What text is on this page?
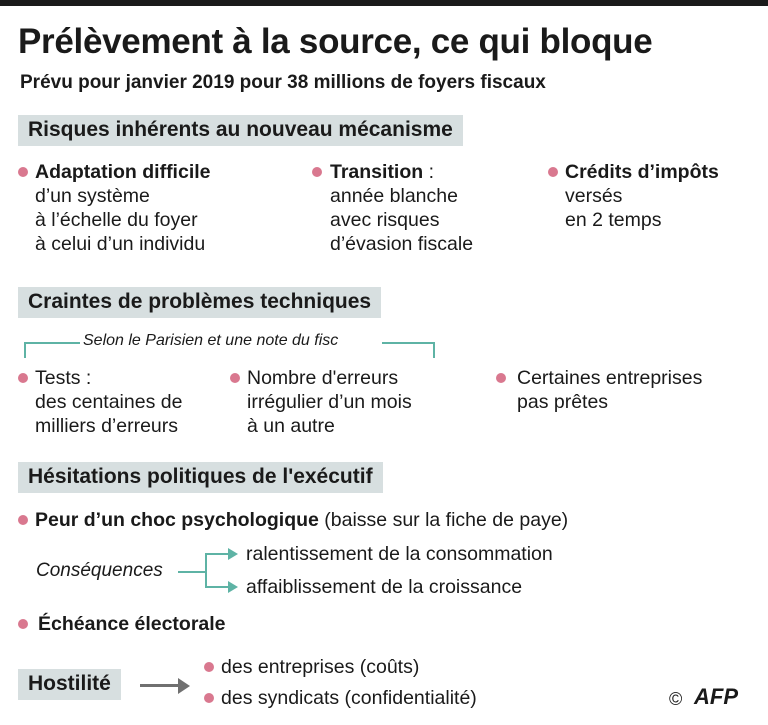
Prélèvement à la source, ce qui bloque
Prévu pour janvier 2019 pour 38 millions de foyers fiscaux
Risques inhérents au nouveau mécanisme
Adaptation difficile
d’un système
à l’échelle du foyer
à celui d’un individu
Transition :
année blanche
avec risques
d’évasion fiscale
Crédits d’impôts
versés
en 2 temps
Craintes de problèmes techniques
Selon le Parisien et une note du fisc
Tests :
des centaines de
milliers d’erreurs
Nombre d'erreurs
irrégulier d’un mois
à un autre
Certaines entreprises
pas prêtes
Hésitations politiques de l'exécutif
Peur d’un choc psychologique (baisse sur la fiche de paye)
Conséquences
ralentissement de la consommation
affaiblissement de la croissance
Échéance électorale
Hostilité
des entreprises (coûts)
des syndicats (confidentialité)	© AFP
